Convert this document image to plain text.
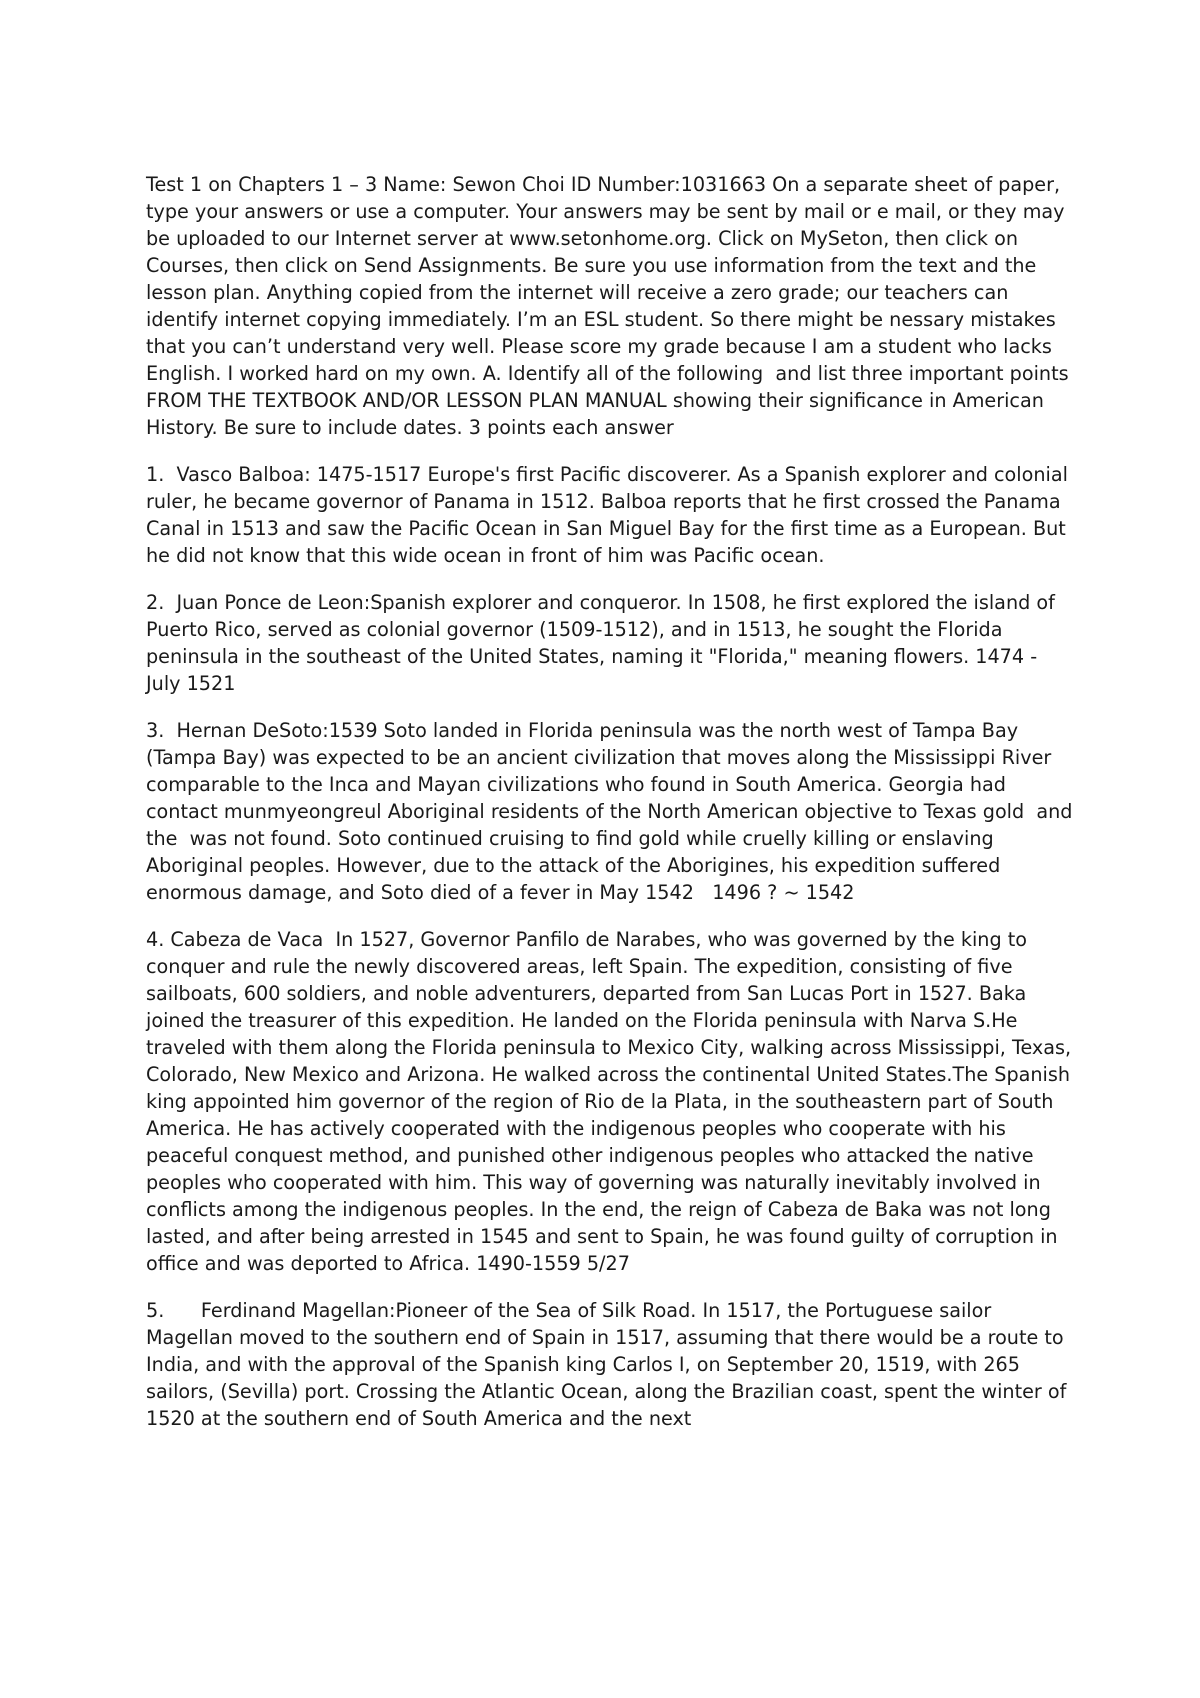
Test 1 on Chapters 1 – 3 Name: Sewon Choi ID Number:1031663 On a separate sheet of paper, type your answers or use a computer. Your answers may be sent by mail or e mail, or they may be uploaded to our Internet server at www.setonhome.org. Click on MySeton, then click on Courses, then click on Send Assignments. Be sure you use information from the text and the lesson plan. Anything copied from the internet will receive a zero grade; our teachers can identify internet copying immediately. I’m an ESL student. So there might be nessary mistakes that you can’t understand very well. Please score my grade because I am a student who lacks English. I worked hard on my own. A. Identify all of the following  and list three important points FROM THE TEXTBOOK AND/OR LESSON PLAN MANUAL showing their significance in American History. Be sure to include dates. 3 points each answer

1.  Vasco Balboa: 1475-1517 Europe's first Pacific discoverer. As a Spanish explorer and colonial ruler, he became governor of Panama in 1512. Balboa reports that he first crossed the Panama Canal in 1513 and saw the Pacific Ocean in San Miguel Bay for the first time as a European. But he did not know that this wide ocean in front of him was Pacific ocean.

2.  Juan Ponce de Leon:Spanish explorer and conqueror. In 1508, he first explored the island of Puerto Rico, served as colonial governor (1509-1512), and in 1513, he sought the Florida peninsula in the southeast of the United States, naming it "Florida," meaning flowers. 1474 - July 1521

3.  Hernan DeSoto:1539 Soto landed in Florida peninsula was the north west of Tampa Bay (Tampa Bay) was expected to be an ancient civilization that moves along the Mississippi River  comparable to the Inca and Mayan civilizations who found in South America. Georgia had contact munmyeongreul Aboriginal residents of the North American objective to Texas gold  and the  was not found. Soto continued cruising to find gold while cruelly killing or enslaving Aboriginal peoples. However, due to the attack of the Aborigines, his expedition suffered enormous damage, and Soto died of a fever in May 1542   1496 ? ~ 1542

4. Cabeza de Vaca  In 1527, Governor Panfilo de Narabes, who was governed by the king to conquer and rule the newly discovered areas, left Spain. The expedition, consisting of five sailboats, 600 soldiers, and noble adventurers, departed from San Lucas Port in 1527. Baka joined the treasurer of this expedition. He landed on the Florida peninsula with Narva S.He traveled with them along the Florida peninsula to Mexico City, walking across Mississippi, Texas, Colorado, New Mexico and Arizona. He walked across the continental United States.The Spanish king appointed him governor of the region of Rio de la Plata, in the southeastern part of South America. He has actively cooperated with the indigenous peoples who cooperate with his peaceful conquest method, and punished other indigenous peoples who attacked the native peoples who cooperated with him. This way of governing was naturally inevitably involved in conflicts among the indigenous peoples. In the end, the reign of Cabeza de Baka was not long lasted, and after being arrested in 1545 and sent to Spain, he was found guilty of corruption in office and was deported to Africa. 1490-1559 5/27

5.      Ferdinand Magellan:Pioneer of the Sea of Silk Road. In 1517, the Portuguese sailor Magellan moved to the southern end of Spain in 1517, assuming that there would be a route to India, and with the approval of the Spanish king Carlos I, on September 20, 1519, with 265 sailors, (Sevilla) port. Crossing the Atlantic Ocean, along the Brazilian coast, spent the winter of 1520 at the southern end of South America and the next
